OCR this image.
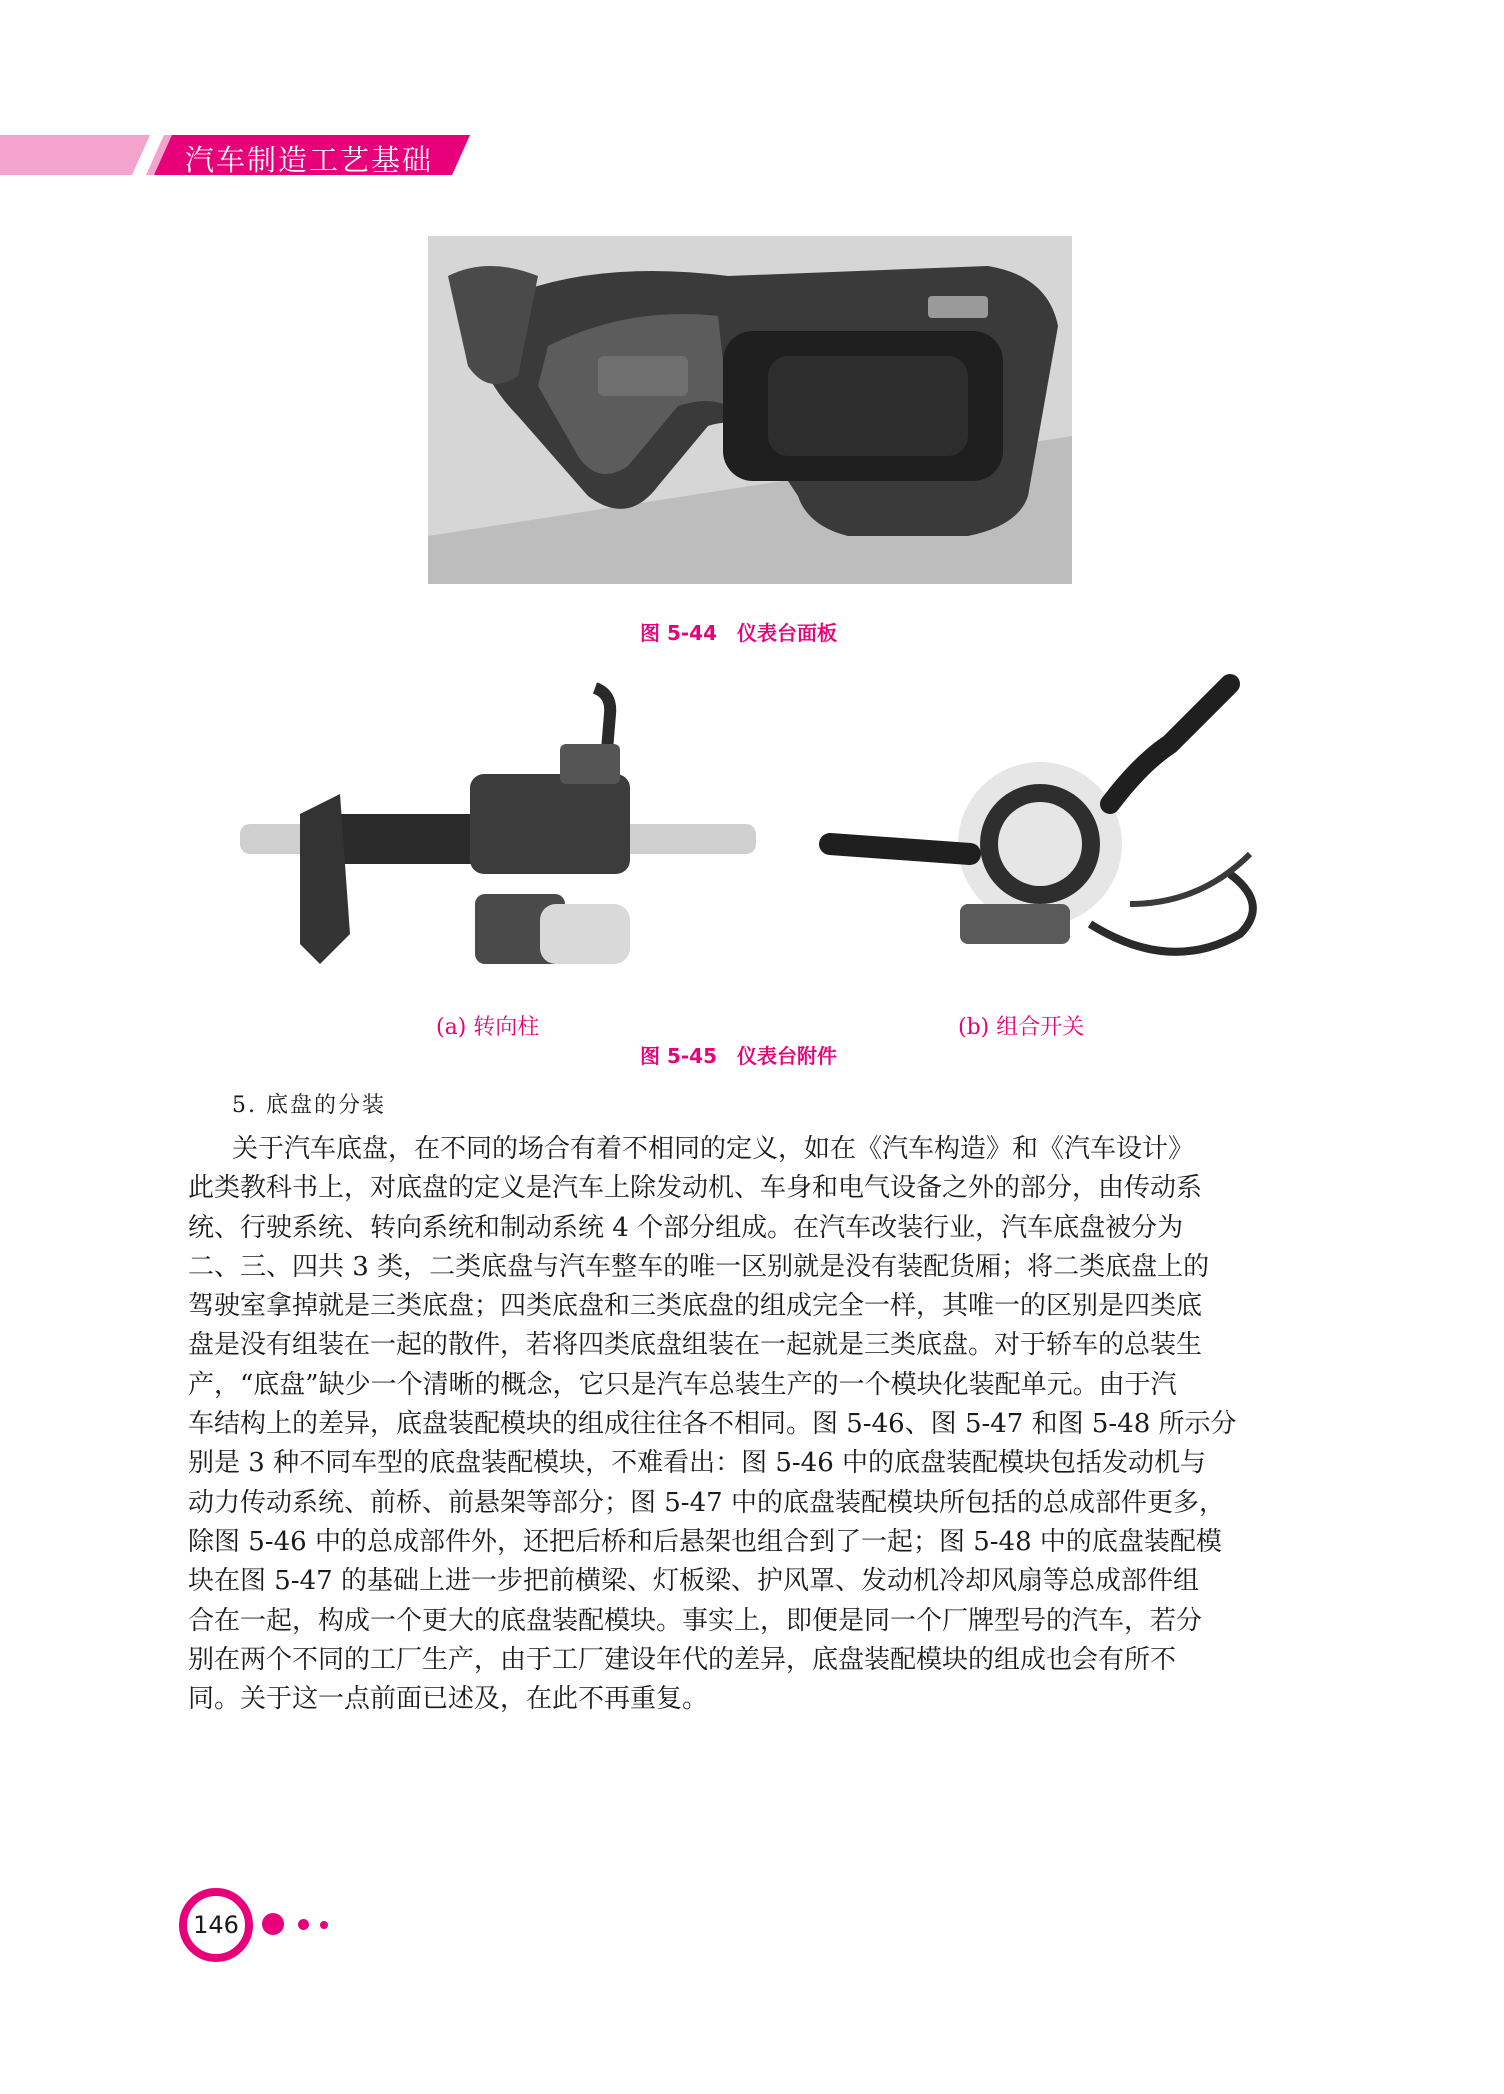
汽车制造工艺基础
图 5-44　仪表台面板
(a) 转向柱	(b) 组合开关
图 5-45　仪表台附件
5. 底盘的分装
关于汽车底盘，在不同的场合有着不相同的定义，如在《汽车构造》和《汽车设计》
此类教科书上，对底盘的定义是汽车上除发动机、车身和电气设备之外的部分，由传动系
统、行驶系统、转向系统和制动系统 4 个部分组成。在汽车改装行业，汽车底盘被分为
二、三、四共 3 类，二类底盘与汽车整车的唯一区别就是没有装配货厢；将二类底盘上的
驾驶室拿掉就是三类底盘；四类底盘和三类底盘的组成完全一样，其唯一的区别是四类底
盘是没有组装在一起的散件，若将四类底盘组装在一起就是三类底盘。对于轿车的总装生
产，“底盘”缺少一个清晰的概念，它只是汽车总装生产的一个模块化装配单元。由于汽
车结构上的差异，底盘装配模块的组成往往各不相同。图 5-46、图 5-47 和图 5-48 所示分
别是 3 种不同车型的底盘装配模块，不难看出：图 5-46 中的底盘装配模块包括发动机与
动力传动系统、前桥、前悬架等部分；图 5-47 中的底盘装配模块所包括的总成部件更多，
除图 5-46 中的总成部件外，还把后桥和后悬架也组合到了一起；图 5-48 中的底盘装配模
块在图 5-47 的基础上进一步把前横梁、灯板梁、护风罩、发动机冷却风扇等总成部件组
合在一起，构成一个更大的底盘装配模块。事实上，即便是同一个厂牌型号的汽车，若分
别在两个不同的工厂生产，由于工厂建设年代的差异，底盘装配模块的组成也会有所不
同。关于这一点前面已述及，在此不再重复。
146
